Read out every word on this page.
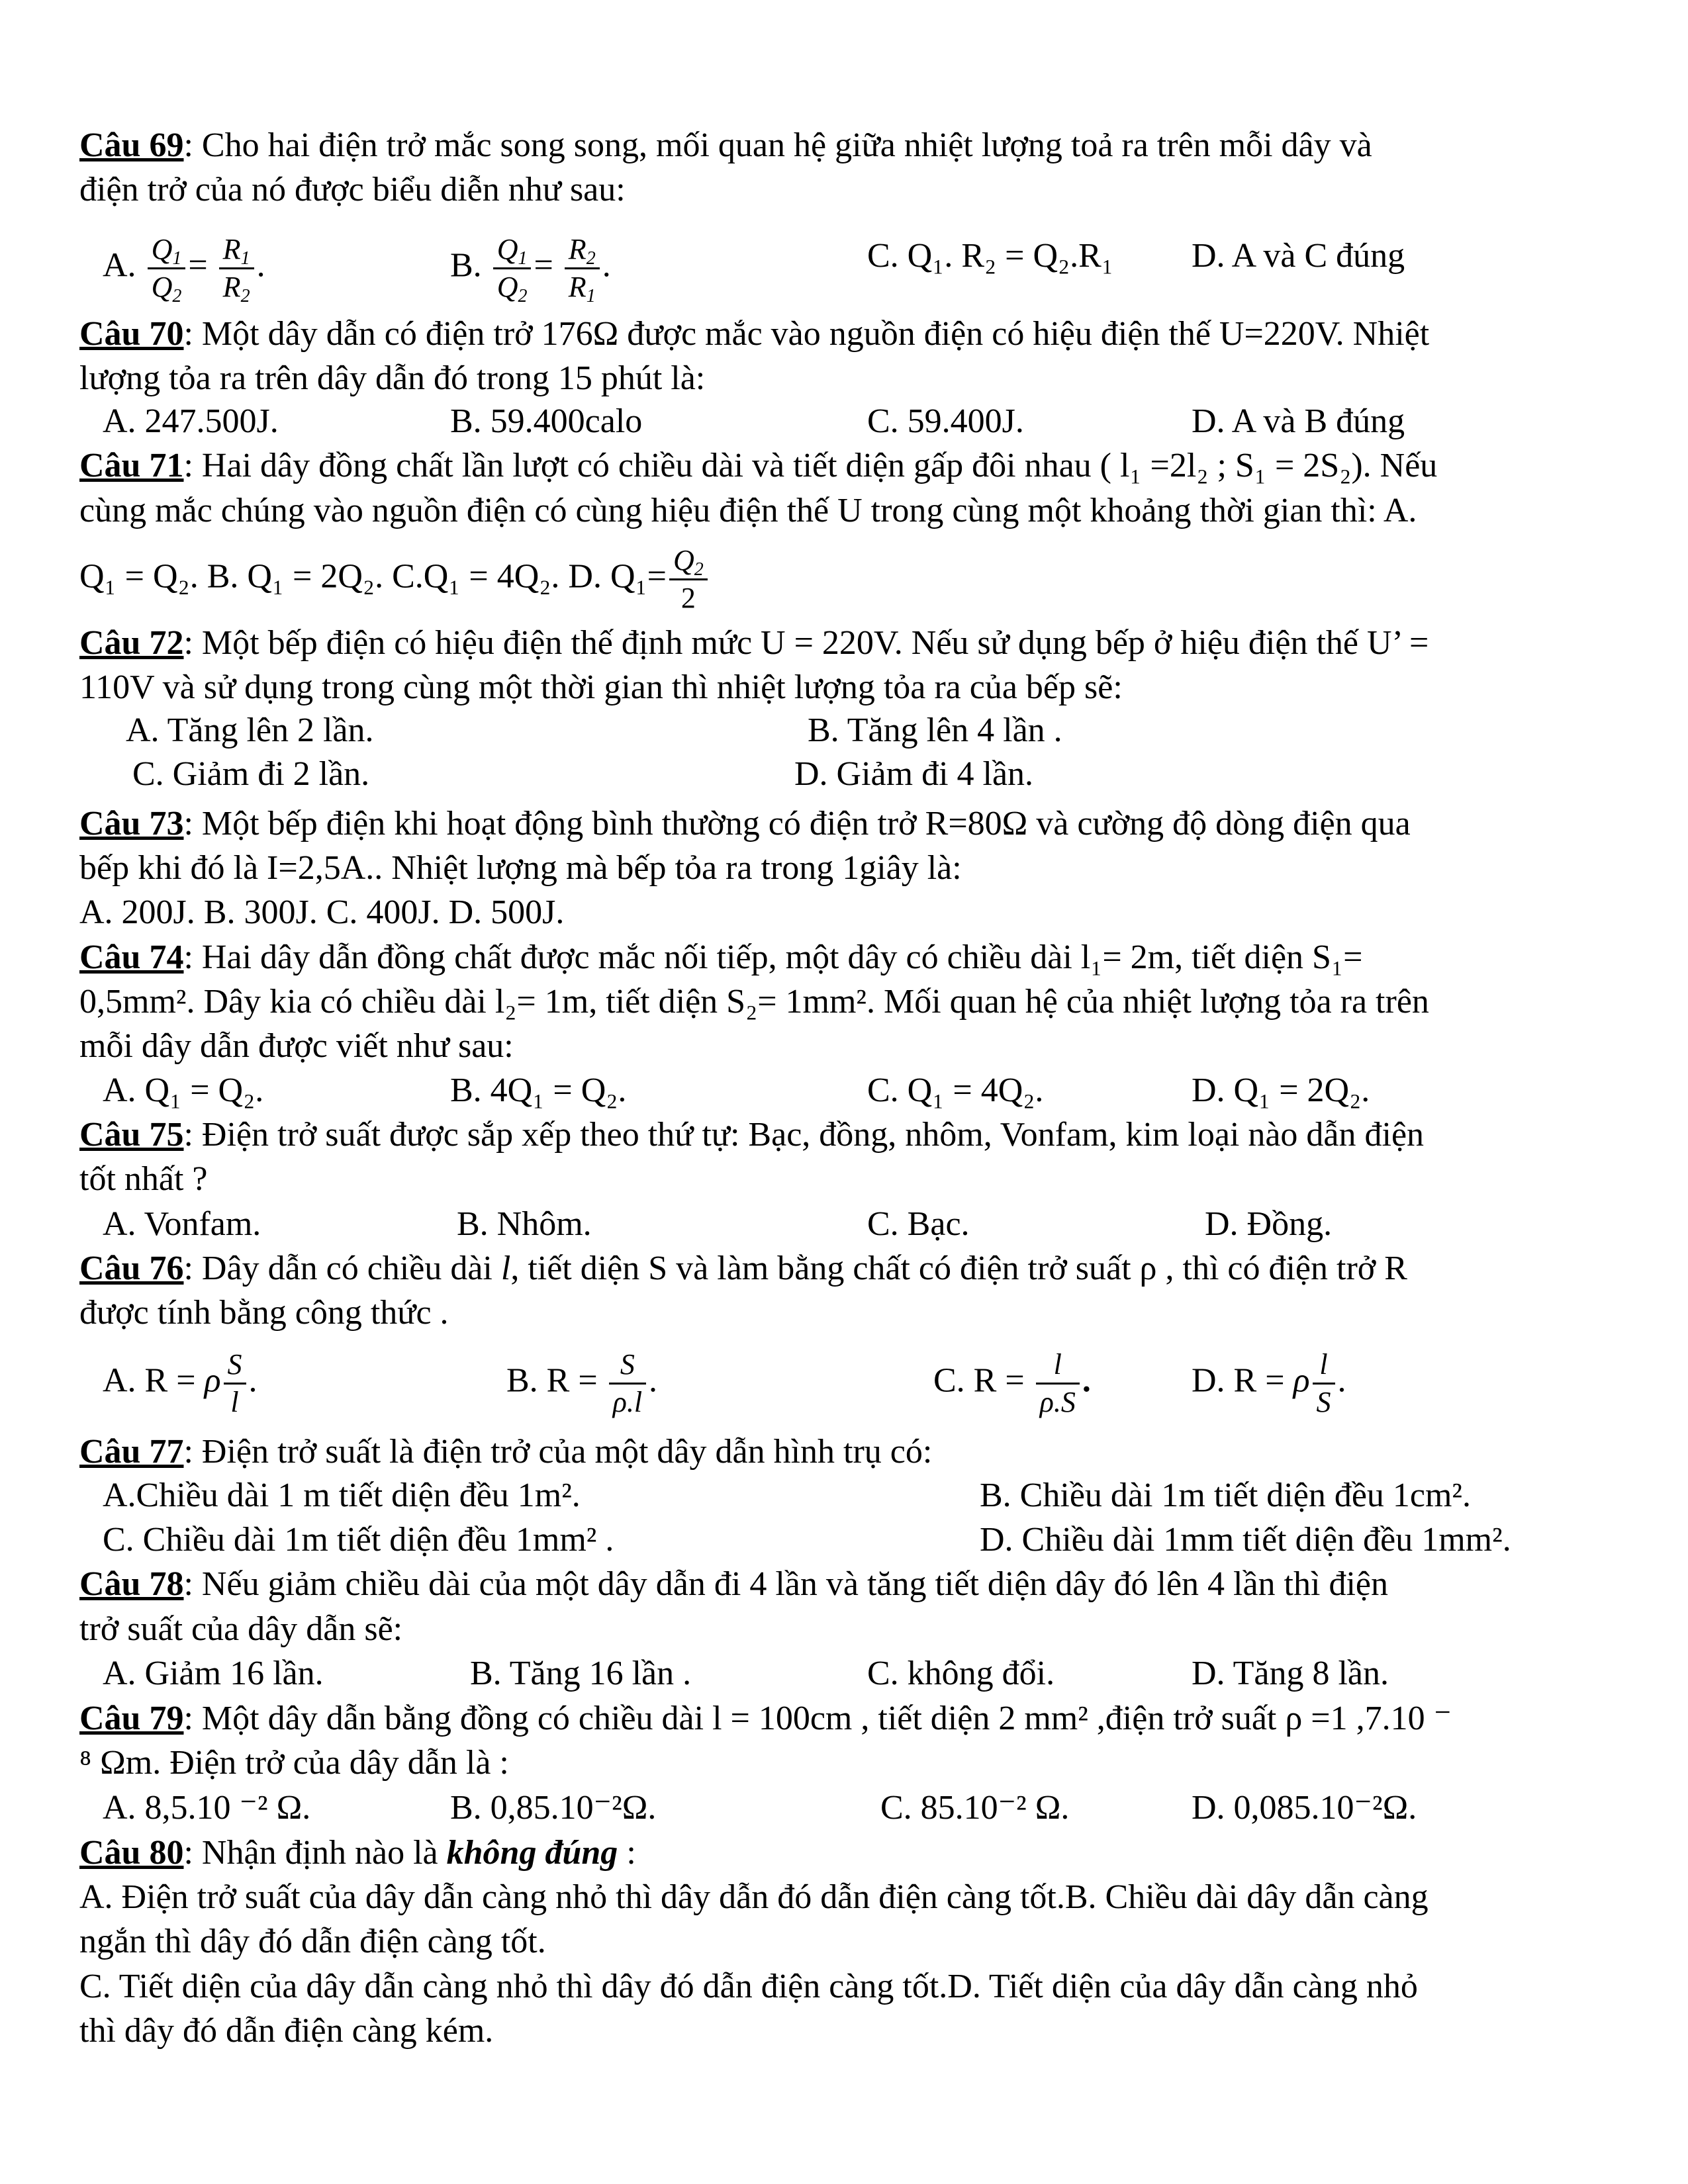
Câu 69: Cho hai điện trở mắc song song, mối quan hệ giữa nhiệt lượng toả ra trên mỗi dây và
điện trở của nó được biểu diễn như sau:
A. $\frac{Q_1}{Q_2} = \frac{R_1}{R_2}$ .	B. $\frac{Q_1}{Q_2} = \frac{R_2}{R_1}$ .	C. Q₁. R₂ = Q₂.R₁ D. A và C đúng
Câu 70: Một dây dẫn có điện trở 176Ω được mắc vào nguồn điện có hiệu điện thế U=220V. Nhiệt
lượng tỏa ra trên dây dẫn đó trong 15 phút là:
A. 247.500J.	B. 59.400calo	C. 59.400J.	D. A và B đúng
Câu 71: Hai dây đồng chất lần lượt có chiều dài và tiết diện gấp đôi nhau ( l₁ =2l₂ ; S₁ = 2S₂). Nếu
cùng mắc chúng vào nguồn điện có cùng hiệu điện thế U trong cùng một khoảng thời gian thì: A.
Q₁ = Q₂. B. Q₁ = 2Q₂. C.Q₁ = 4Q₂. D. $Q_1= \frac{Q_2}{2}$
Câu 72: Một bếp điện có hiệu điện thế định mức U = 220V. Nếu sử dụng bếp ở hiệu điện thế U’ =
110V và sử dụng trong cùng một thời gian thì nhiệt lượng tỏa ra của bếp sẽ:
A. Tăng lên 2 lần.	B. Tăng lên 4 lần .
C. Giảm đi 2 lần.	D. Giảm đi 4 lần.
Câu 73: Một bếp điện khi hoạt động bình thường có điện trở R=80Ω và cường độ dòng điện qua
bếp khi đó là I=2,5A.. Nhiệt lượng mà bếp tỏa ra trong 1giây là:
A. 200J. B. 300J. C. 400J. D. 500J.
Câu 74: Hai dây dẫn đồng chất được mắc nối tiếp, một dây có chiều dài l₁= 2m, tiết diện S₁=
0,5mm². Dây kia có chiều dài l₂= 1m, tiết diện S₂= 1mm². Mối quan hệ của nhiệt lượng tỏa ra trên
mỗi dây dẫn được viết như sau:
A. Q₁ = Q₂.	B. 4Q₁ = Q₂.	C. Q₁ = 4Q₂.	D. Q₁ = 2Q₂.
Câu 75: Điện trở suất được sắp xếp theo thứ tự: Bạc, đồng, nhôm, Vonfam, kim loại nào dẫn điện
tốt nhất ?
A. Vonfam.	B. Nhôm.	C. Bạc.	D. Đồng.
Câu 76: Dây dẫn có chiều dài l, tiết diện S và làm bằng chất có điện trở suất ρ , thì có điện trở R
được tính bằng công thức .
A. R = ρ $\frac{S}{l}$ .	B. $R = \frac{S}{\rho.l}$ .	C. $R = \frac{l}{\rho.S}$ .	D. R = ρ $\frac{l}{S}$ .
Câu 77: Điện trở suất là điện trở của một dây dẫn hình trụ có:
A.Chiều dài 1 m tiết diện đều 1m².	B. Chiều dài 1m tiết diện đều 1cm².
C. Chiều dài 1m tiết diện đều 1mm² .	D. Chiều dài 1mm tiết diện đều 1mm².
Câu 78: Nếu giảm chiều dài của một dây dẫn đi 4 lần và tăng tiết diện dây đó lên 4 lần thì điện
trở suất của dây dẫn sẽ:
A. Giảm 16 lần.	B. Tăng 16 lần .	C. không đổi.	D. Tăng 8 lần.
Câu 79: Một dây dẫn bằng đồng có chiều dài l = 100cm , tiết diện 2 mm² ,điện trở suất ρ =1 ,7.10 ⁻
⁸ Ωm. Điện trở của dây dẫn là :
A. 8,5.10 ⁻² Ω.	B. 0,85.10⁻²Ω.	C. 85.10⁻² Ω.	D. 0,085.10⁻²Ω.
Câu 80: Nhận định nào là không đúng :
A. Điện trở suất của dây dẫn càng nhỏ thì dây dẫn đó dẫn điện càng tốt.B. Chiều dài dây dẫn càng
ngắn thì dây đó dẫn điện càng tốt.
C. Tiết diện của dây dẫn càng nhỏ thì dây đó dẫn điện càng tốt.D. Tiết diện của dây dẫn càng nhỏ
thì dây đó dẫn điện càng kém.
